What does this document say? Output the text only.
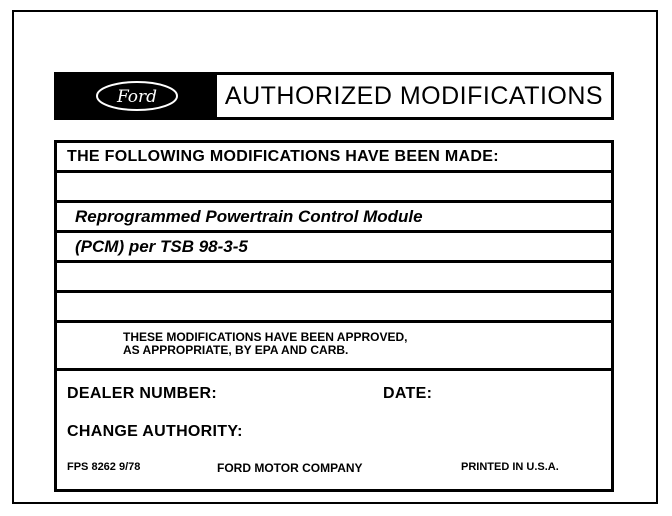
Ford	AUTHORIZED MODIFICATIONS
THE FOLLOWING MODIFICATIONS HAVE BEEN MADE:
Reprogrammed Powertrain Control Module
(PCM) per TSB 98-3-5
THESE MODIFICATIONS HAVE BEEN APPROVED,
AS APPROPRIATE, BY EPA AND CARB.
DEALER NUMBER:	DATE:
CHANGE AUTHORITY:
FPS 8262 9/78	FORD MOTOR COMPANY	PRINTED IN U.S.A.
